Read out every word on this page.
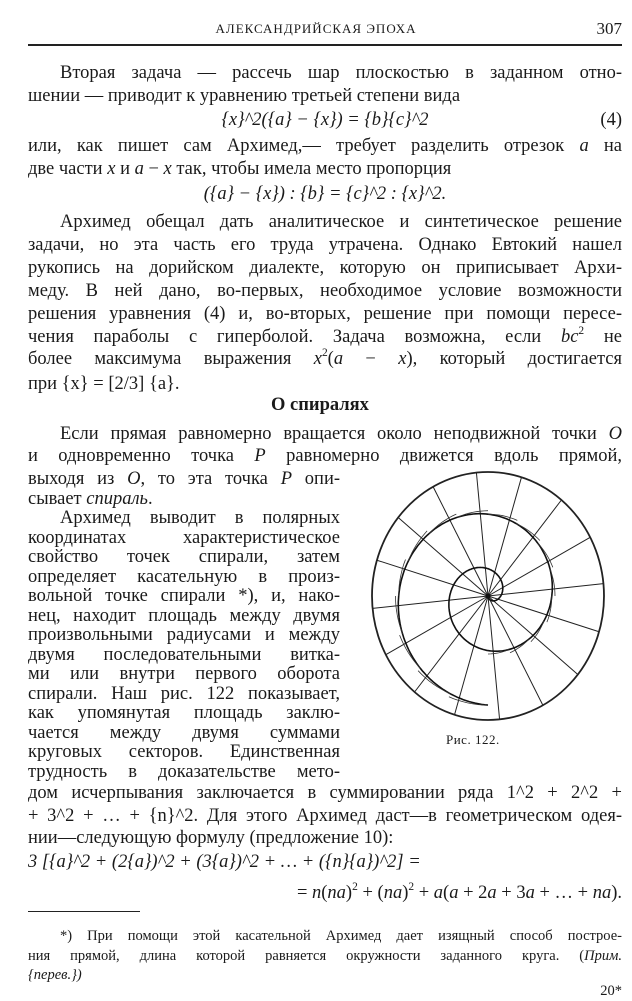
АЛЕКСАНДРИЙСКАЯ ЭПОХА	307
О спиралях
Рис. 122.
Вторая задача — рассечь шар плоскостью в заданном отно-
шении — приводит к уравнению третьей степени вида
{x}^2({a} − {x}) = {b}{c}^2	(4)
или, как пишет сам Архимед,— требует разделить отрезок a на
две части x и a − x так, чтобы имела место пропорция
({a} − {x}) : {b} = {c}^2 : {x}^2.
Архимед обещал дать аналитическое и синтетическое решение
задачи, но эта часть его труда утрачена. Однако Евтокий нашел
рукопись на дорийском диалекте, которую он приписывает Архи-
меду. В ней дано, во-первых, необходимое условие возможности
решения уравнения (4) и, во-вторых, решение при помощи пересе-
чения параболы с гиперболой. Задача возможна, если $bc^2$ не
более максимума выражения $x^2(a - x)$, который достигается
при {x} = [2/3] {a}.
Если прямая равномерно вращается около неподвижной точки O
и одновременно точка P равномерно движется вдоль прямой,
выходя из O, то эта точка P опи-
сывает спираль.
Архимед выводит в полярных
координатах характеристическое
свойство точек спирали, затем
определяет касательную в произ-
вольной точке спирали *), и, нако-
нец, находит площадь между двумя
произвольными радиусами и между
двумя последовательными витка-
ми или внутри первого оборота
спирали. Наш рис. 122 показывает,
как упомянутая площадь заклю-
чается между двумя суммами
круговых секторов. Единственная
трудность в доказательстве мето-
дом исчерпывания заключается в суммировании ряда 1^2 + 2^2 +
+ 3^2 + … + {n}^2. Для этого Архимед даст—в геометрическом одея-
нии—следующую формулу (предложение 10):
3 [{a}^2 + (2{a})^2 + (3{a})^2 + … + ({n}{a})^2] =
= n(na)$^2$ + (na)$^2$ + a(a + 2a + 3a + … + na).
*) При помощи этой касательной Архимед дает изящный способ построе-
ния прямой, длина которой равняется окружности заданного круга. (Прим.
{перев.})
20*
